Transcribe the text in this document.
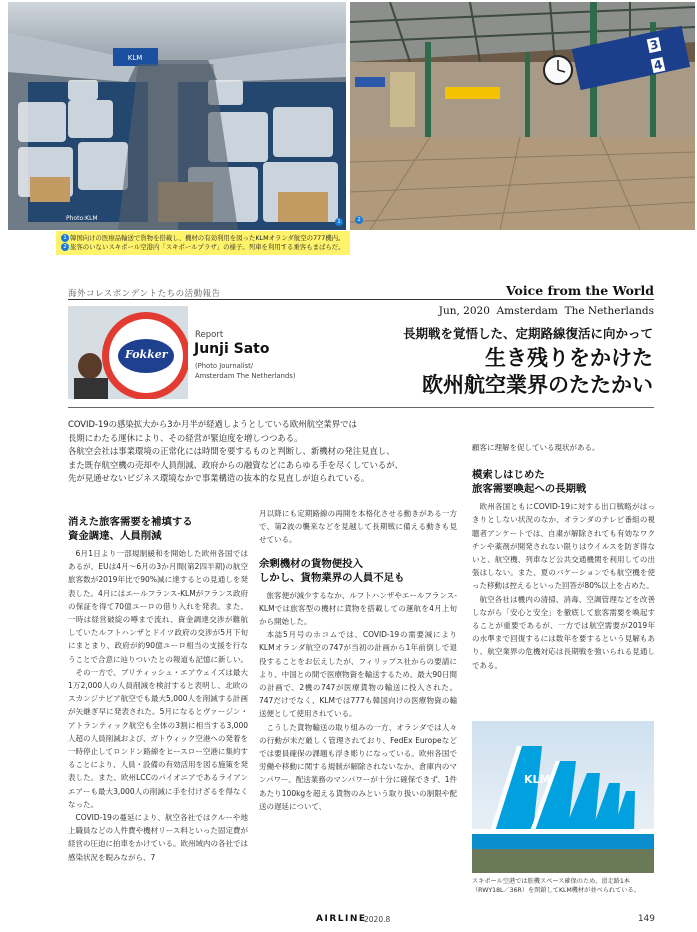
KLM
Photo:KLM	1
3
4
2
1 韓国向けの医療品輸送で貨物を搭載し、機材の有効利用を図ったKLMオランダ航空の777機内。2 旅客のいないスキポール空港内「スキポールプラザ」の様子。列車を利用する乗客もまばらだ。
海外コレスポンデントたちの活動報告	Voice from the World
Jun, 2020  Amsterdam  The Netherlands
Fokker
Report
Junji Sato
(Photo Journalist/
Amsterdam The Netherlands)
長期戦を覚悟した、定期路線復活に向かって
生き残りをかけた
欧州航空業界のたたかい
COVID-19の感染拡大から3か月半が経過しようとしている欧州航空業界では
長期にわたる運休により、その経営が緊迫度を増しつつある。
各航空会社は事業環境の正常化には時間を要するものと判断し、新機材の発注見直し、
また既存航空機の売却や人員削減、政府からの融資などにあらゆる手を尽くしているが、
先が見通せないビジネス環境なかで事業構造の抜本的な見直しが迫られている。
消えた旅客需要を補填する
資金調達、人員削減

6月1日より一部規制緩和を開始した欧州各国ではあるが、EUは4月〜6月の3か月間(第2四半期)の航空旅客数が2019年比で90%減に達するとの見通しを発表した。4月にはエールフランス-KLMがフランス政府の保証を得て70億ユーロの借り入れを発表。また、一時は経営破綻の噂まで流れ、資金調達交渉が難航していたルフトハンザとドイツ政府の交渉が5月下旬にまとまり、政府が約90億ユーロ相当の支援を行なうことで合意に辿りついたとの報道も記憶に新しい。

その一方で、ブリティッシュ・エアウェイズは最大1万2,000人の人員削減を検討すると表明し、北欧のスカンジナビア航空でも最大5,000人を削減する計画が矢継ぎ早に発表された。5月になるとヴァージン・アトランティック航空も全体の3割に相当する3,000人超の人員削減および、ガトウィック空港への発着を一時停止してロンドン路線をヒースロー空港に集約することにより、人員・設備の有効活用を図る施策を発表した。また、欧州LCCのパイオニアであるライアンエアーも最大3,000人の削減に手を付けざるを得なくなった。

COVID-19の蔓延により、航空各社ではクルーや地上職員などの人件費や機材リース料といった固定費が経営の圧迫に拍車をかけている。欧州域内の各社では感染状況を睨みながら、7

月以降にも定期路線の再開を本格化させる動きがある一方で、第2波の襲来などを見越して長期戦に備える動きも見せている。
余剰機材の貨物便投入
しかし、貨物業界の人員不足も

旅客便が減少するなか、ルフトハンザやエールフランス-KLMでは旅客型の機材に貨物を搭載しての運航を4月上旬から開始した。

本誌5月号のホコムでは、COVID-19の需要減によりKLMオランダ航空の747が当初の計画から1年前倒しで退役することをお伝えしたが、フィリップス社からの要請により、中国との間で医療物資を輸送するため、最大90日間の計画で、2機の747が医療貨物の輸送に投入された。747だけでなく、KLMでは777も韓国向けの医療物資の輸送便として使用されている。

こうした貨物輸送の取り組みの一方、オランダでは人々の行動が未だ厳しく管理されており、FedEx Europeなどでは要員確保の課題も浮き彫りになっている。欧州各国で労働や移動に関する規制が解除されないなか、倉庫内のマンパワー、配送業務のマンパワーが十分に確保できず、1件あたり100kgを超える貨物のみという取り扱いの制限や配送の遅延について、

顧客に理解を促している現状がある。
模索しはじめた
旅客需要喚起への長期戦

欧州各国ともにCOVID-19に対する出口戦略がはっきりとしない状況のなか、オランダのテレビ番組の視聴者アンケートでは、自粛が解除されても有効なワクチンや薬剤が開発されない限りはウイルスを防ぎ得ないと、航空機、列車など公共交通機関を利用しての出張はしない。また、夏のバケーションでも航空機を使った移動は控えるといった回答が80%以上を占めた。

航空各社は機内の清掃、消毒、空調管理などを改善しながら「安心と安全」を徹底して旅客需要を喚起することが重要であるが、一方では航空需要が2019年の水準まで回復するには数年を要するという見解もあり、航空業界の危機対応は長期戦を強いられる見通しである。

KLM
スキポール空港では駐機スペース確保のため、滑走路1本（RWY18L／36R）を閉鎖してKLM機材が並べられている。
AIRLINE
2020.8	149
